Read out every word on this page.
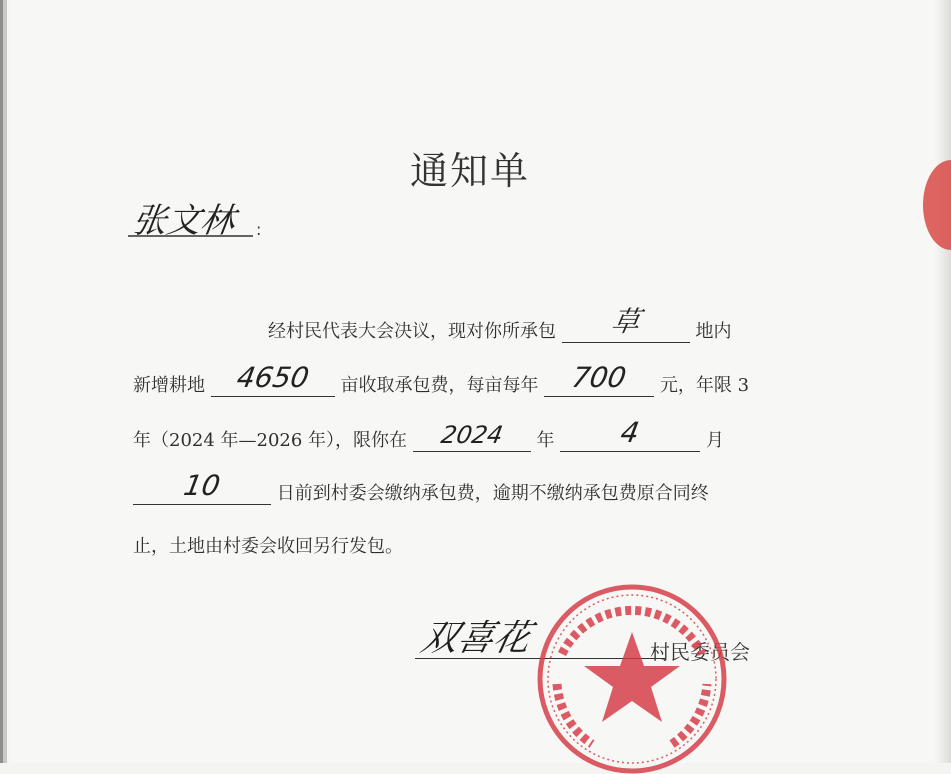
通知单
张文林	:
经村民代表大会决议，现对你所承包	草	地内
新增耕地	4650	亩收取承包费，每亩每年	700	元，年限 3
年（2024 年—2026 年），限你在	2024	年	4	月
10	日前到村委会缴纳承包费，逾期不缴纳承包费原合同终
止，土地由村委会收回另行发包。
双喜花	村民委员会
